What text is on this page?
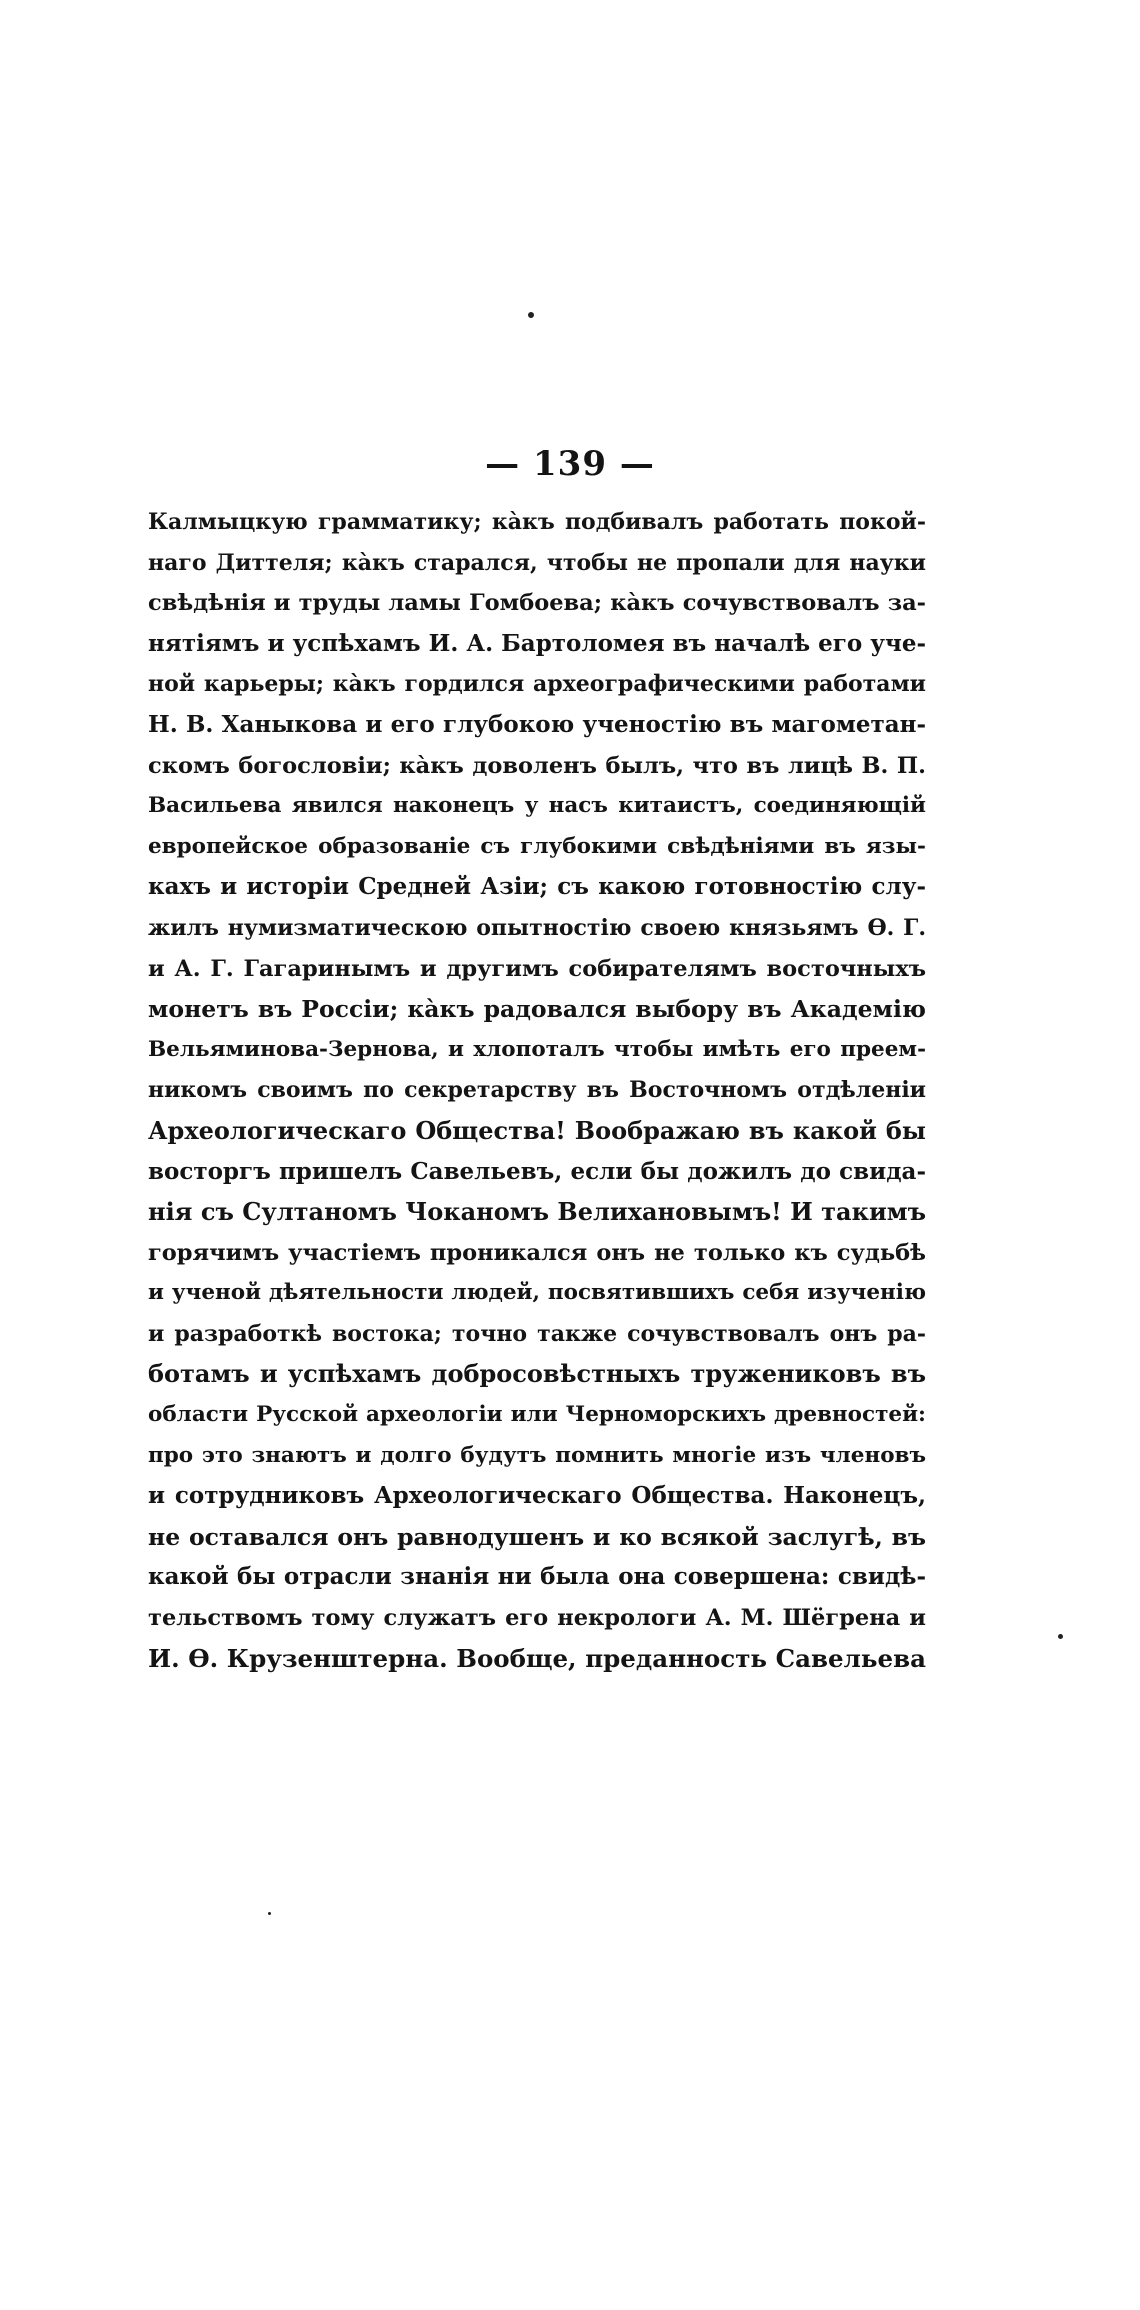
— 139 —
Калмыцкую грамматику; кàкъ подбивалъ работать покой-
наго Диттеля; кàкъ старался, чтобы не пропали для науки
свѣдѣнія и труды ламы Гомбоева; кàкъ сочувствовалъ за-
нятіямъ и успѣхамъ И. А. Бартоломея въ началѣ его учe-
ной карьеры; кàкъ гордился археографическими работами
Н. В. Ханыкова и его глубокою ученостію въ магометан-
скомъ богословіи; кàкъ доволенъ былъ, что въ лицѣ В. П.
Васильева явился наконецъ у насъ китаистъ, соединяющій
европейское образованіе съ глубокими свѣдѣніями въ язы-
кахъ и исторіи Средней Азіи; съ какою готовностію слу-
жилъ нумизматическою опытностію своею князьямъ Ѳ. Г.
и А. Г. Гагаринымъ и другимъ собирателямъ восточныхъ
монетъ въ Россіи; кàкъ радовался выбору въ Академію
Вельяминова-Зернова, и хлопоталъ чтобы имѣть его преем-
никомъ своимъ по секретарству въ Восточномъ отдѣленіи
Археологическаго Общества! Воображаю въ какой бы
восторгъ пришелъ Савельевъ, если бы дожилъ до свида-
нія съ Султаномъ Чоканомъ Велихановымъ! И такимъ
горячимъ участіемъ проникался онъ не только къ судьбѣ
и ученой дѣятельности людей, посвятившихъ себя изученію
и разработкѣ востока; точно также сочувствовалъ онъ ра-
ботамъ и успѣхамъ добросовѣстныхъ тружениковъ въ
области Русской археологіи или Черноморскихъ древностей:
про это знаютъ и долго будутъ помнить многіе изъ членовъ
и сотрудниковъ Археологическаго Общества. Наконецъ,
не оставался онъ равнодушенъ и ко всякой заслугѣ, въ
какой бы отрасли знанія ни была она совершена: свидѣ-
тельствомъ тому служатъ его некрологи А. М. Шёгрена и
И. Ѳ. Крузенштерна. Вообще, преданность Савельева
